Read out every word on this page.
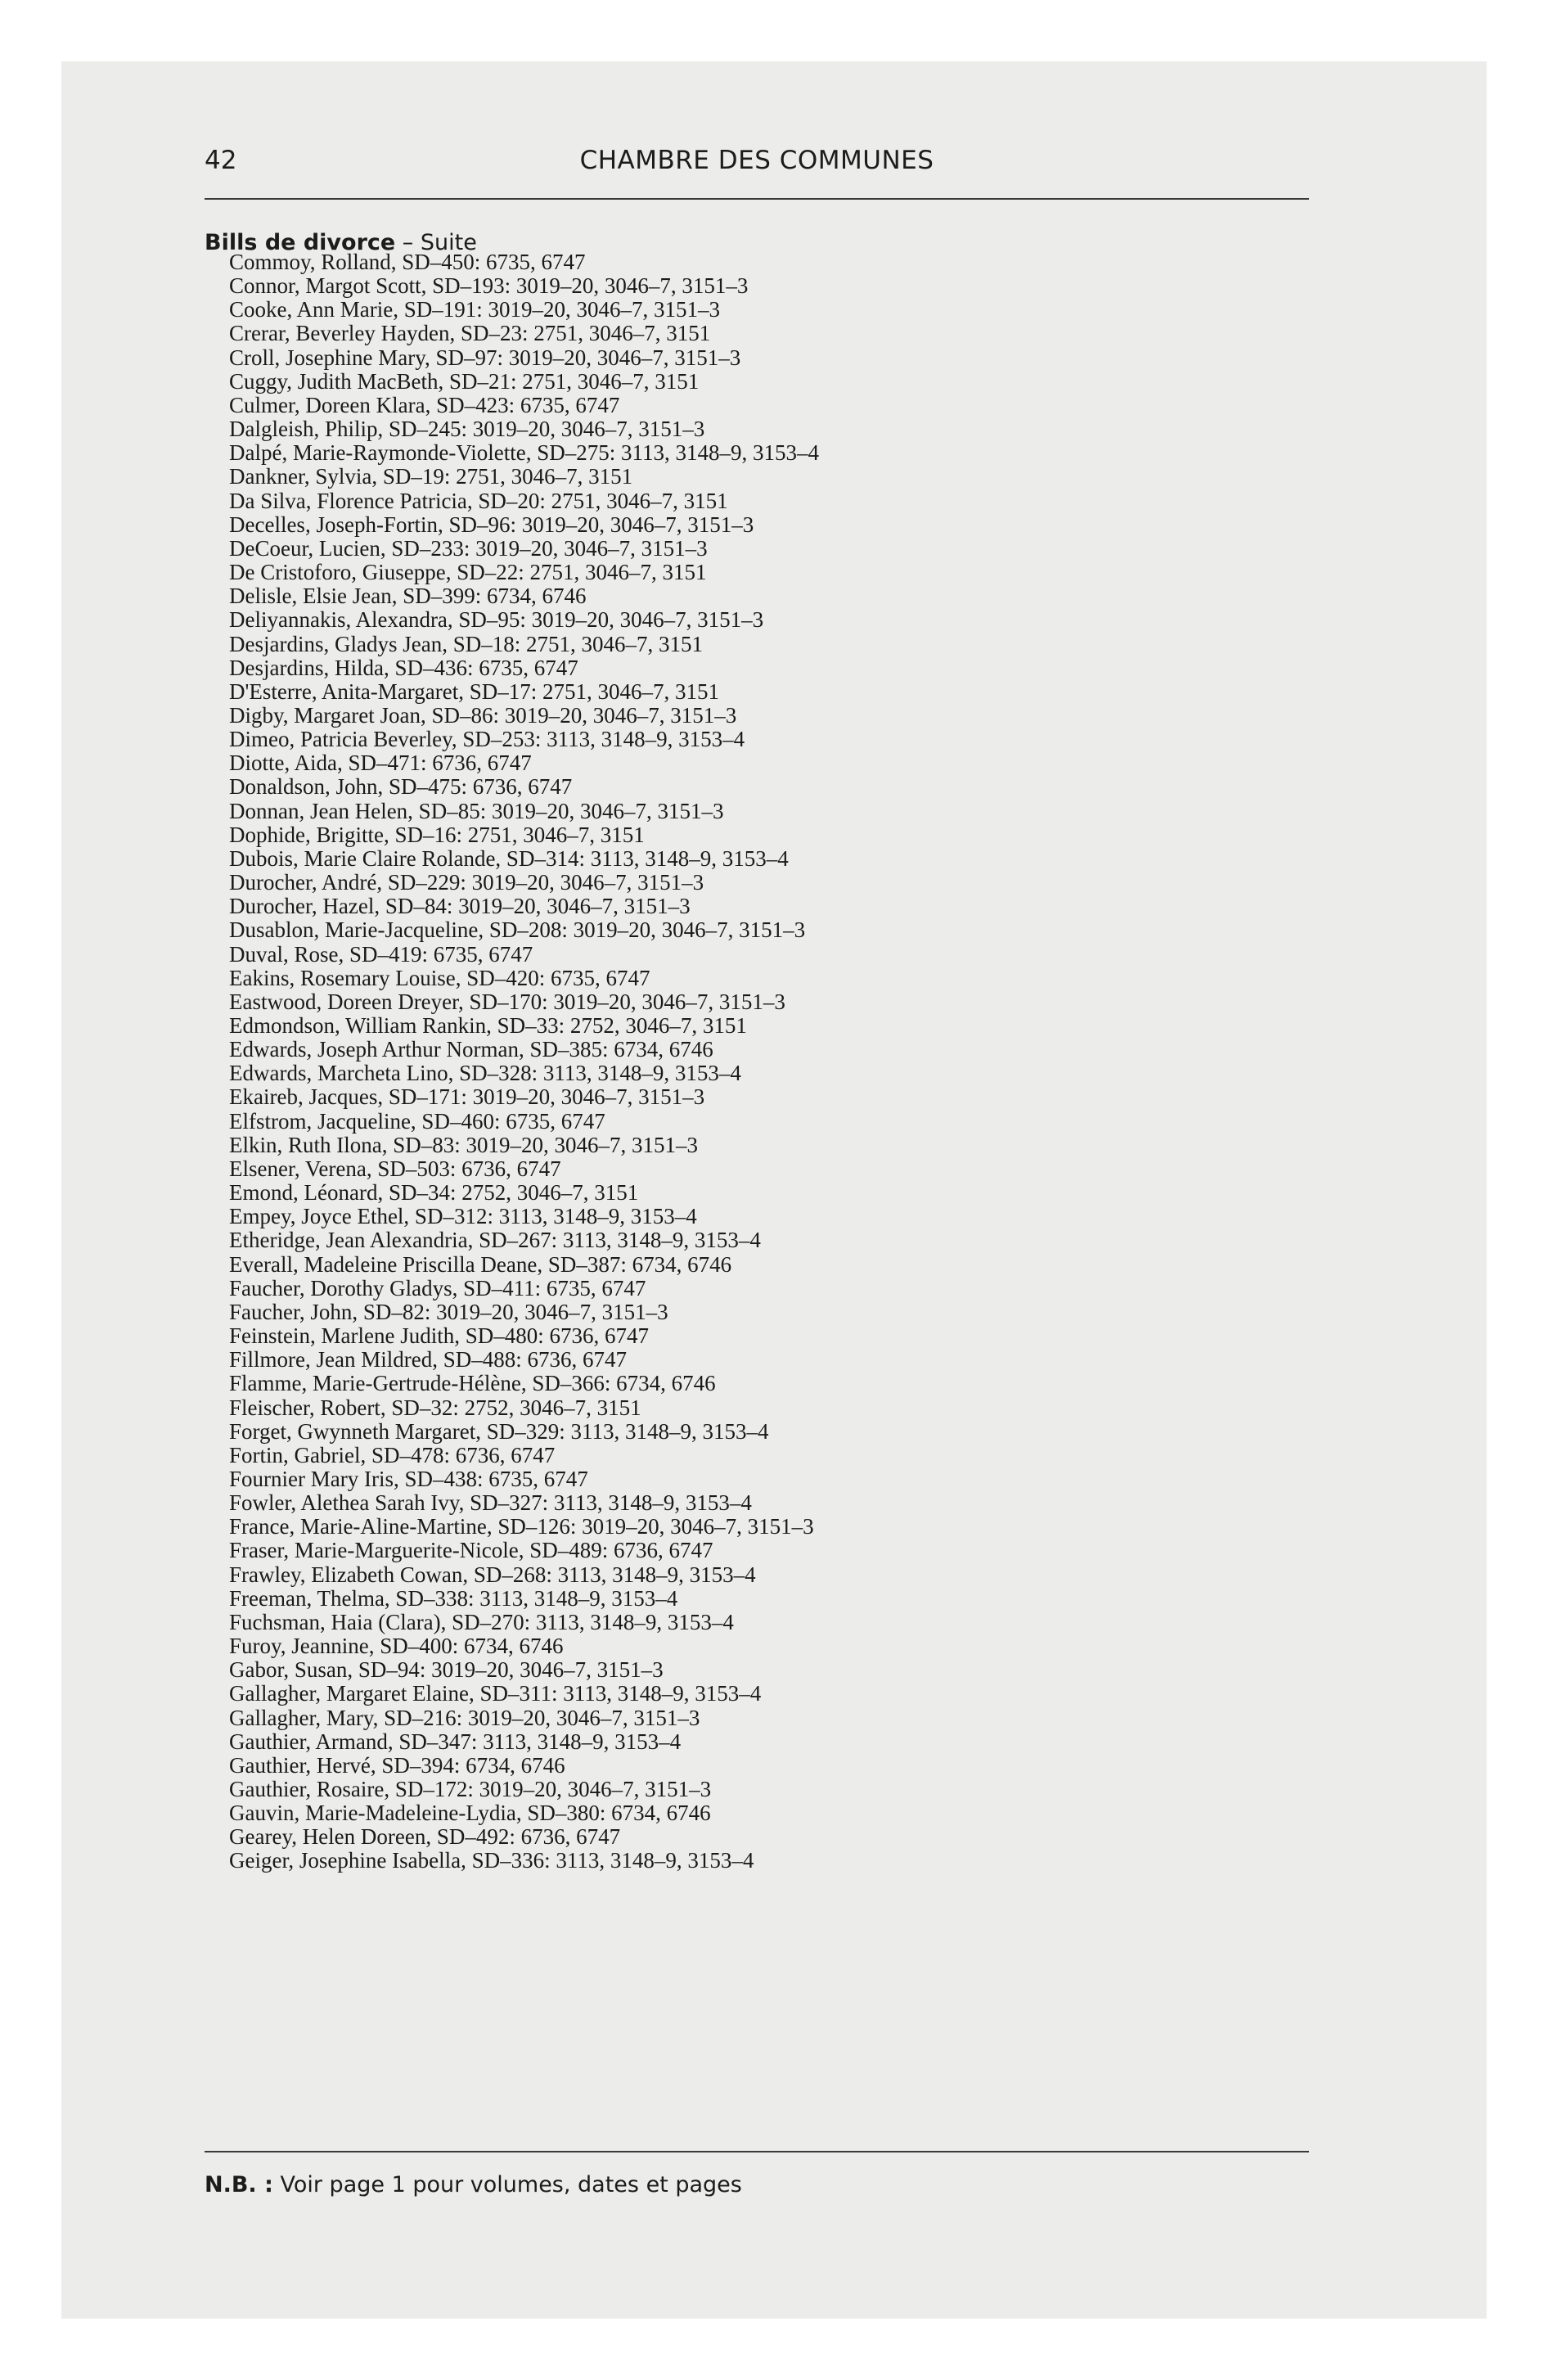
42	CHAMBRE DES COMMUNES
Bills de divorce – Suite
Commoy, Rolland, SD–450: 6735, 6747
Connor, Margot Scott, SD–193: 3019–20, 3046–7, 3151–3
Cooke, Ann Marie, SD–191: 3019–20, 3046–7, 3151–3
Crerar, Beverley Hayden, SD–23: 2751, 3046–7, 3151
Croll, Josephine Mary, SD–97: 3019–20, 3046–7, 3151–3
Cuggy, Judith MacBeth, SD–21: 2751, 3046–7, 3151
Culmer, Doreen Klara, SD–423: 6735, 6747
Dalgleish, Philip, SD–245: 3019–20, 3046–7, 3151–3
Dalpé, Marie-Raymonde-Violette, SD–275: 3113, 3148–9, 3153–4
Dankner, Sylvia, SD–19: 2751, 3046–7, 3151
Da Silva, Florence Patricia, SD–20: 2751, 3046–7, 3151
Decelles, Joseph-Fortin, SD–96: 3019–20, 3046–7, 3151–3
DeCoeur, Lucien, SD–233: 3019–20, 3046–7, 3151–3
De Cristoforo, Giuseppe, SD–22: 2751, 3046–7, 3151
Delisle, Elsie Jean, SD–399: 6734, 6746
Deliyannakis, Alexandra, SD–95: 3019–20, 3046–7, 3151–3
Desjardins, Gladys Jean, SD–18: 2751, 3046–7, 3151
Desjardins, Hilda, SD–436: 6735, 6747
D'Esterre, Anita-Margaret, SD–17: 2751, 3046–7, 3151
Digby, Margaret Joan, SD–86: 3019–20, 3046–7, 3151–3
Dimeo, Patricia Beverley, SD–253: 3113, 3148–9, 3153–4
Diotte, Aida, SD–471: 6736, 6747
Donaldson, John, SD–475: 6736, 6747
Donnan, Jean Helen, SD–85: 3019–20, 3046–7, 3151–3
Dophide, Brigitte, SD–16: 2751, 3046–7, 3151
Dubois, Marie Claire Rolande, SD–314: 3113, 3148–9, 3153–4
Durocher, André, SD–229: 3019–20, 3046–7, 3151–3
Durocher, Hazel, SD–84: 3019–20, 3046–7, 3151–3
Dusablon, Marie-Jacqueline, SD–208: 3019–20, 3046–7, 3151–3
Duval, Rose, SD–419: 6735, 6747
Eakins, Rosemary Louise, SD–420: 6735, 6747
Eastwood, Doreen Dreyer, SD–170: 3019–20, 3046–7, 3151–3
Edmondson, William Rankin, SD–33: 2752, 3046–7, 3151
Edwards, Joseph Arthur Norman, SD–385: 6734, 6746
Edwards, Marcheta Lino, SD–328: 3113, 3148–9, 3153–4
Ekaireb, Jacques, SD–171: 3019–20, 3046–7, 3151–3
Elfstrom, Jacqueline, SD–460: 6735, 6747
Elkin, Ruth Ilona, SD–83: 3019–20, 3046–7, 3151–3
Elsener, Verena, SD–503: 6736, 6747
Emond, Léonard, SD–34: 2752, 3046–7, 3151
Empey, Joyce Ethel, SD–312: 3113, 3148–9, 3153–4
Etheridge, Jean Alexandria, SD–267: 3113, 3148–9, 3153–4
Everall, Madeleine Priscilla Deane, SD–387: 6734, 6746
Faucher, Dorothy Gladys, SD–411: 6735, 6747
Faucher, John, SD–82: 3019–20, 3046–7, 3151–3
Feinstein, Marlene Judith, SD–480: 6736, 6747
Fillmore, Jean Mildred, SD–488: 6736, 6747
Flamme, Marie-Gertrude-Hélène, SD–366: 6734, 6746
Fleischer, Robert, SD–32: 2752, 3046–7, 3151
Forget, Gwynneth Margaret, SD–329: 3113, 3148–9, 3153–4
Fortin, Gabriel, SD–478: 6736, 6747
Fournier Mary Iris, SD–438: 6735, 6747
Fowler, Alethea Sarah Ivy, SD–327: 3113, 3148–9, 3153–4
France, Marie-Aline-Martine, SD–126: 3019–20, 3046–7, 3151–3
Fraser, Marie-Marguerite-Nicole, SD–489: 6736, 6747
Frawley, Elizabeth Cowan, SD–268: 3113, 3148–9, 3153–4
Freeman, Thelma, SD–338: 3113, 3148–9, 3153–4
Fuchsman, Haia (Clara), SD–270: 3113, 3148–9, 3153–4
Furoy, Jeannine, SD–400: 6734, 6746
Gabor, Susan, SD–94: 3019–20, 3046–7, 3151–3
Gallagher, Margaret Elaine, SD–311: 3113, 3148–9, 3153–4
Gallagher, Mary, SD–216: 3019–20, 3046–7, 3151–3
Gauthier, Armand, SD–347: 3113, 3148–9, 3153–4
Gauthier, Hervé, SD–394: 6734, 6746
Gauthier, Rosaire, SD–172: 3019–20, 3046–7, 3151–3
Gauvin, Marie-Madeleine-Lydia, SD–380: 6734, 6746
Gearey, Helen Doreen, SD–492: 6736, 6747
Geiger, Josephine Isabella, SD–336: 3113, 3148–9, 3153–4
N.B. : Voir page 1 pour volumes, dates et pages
